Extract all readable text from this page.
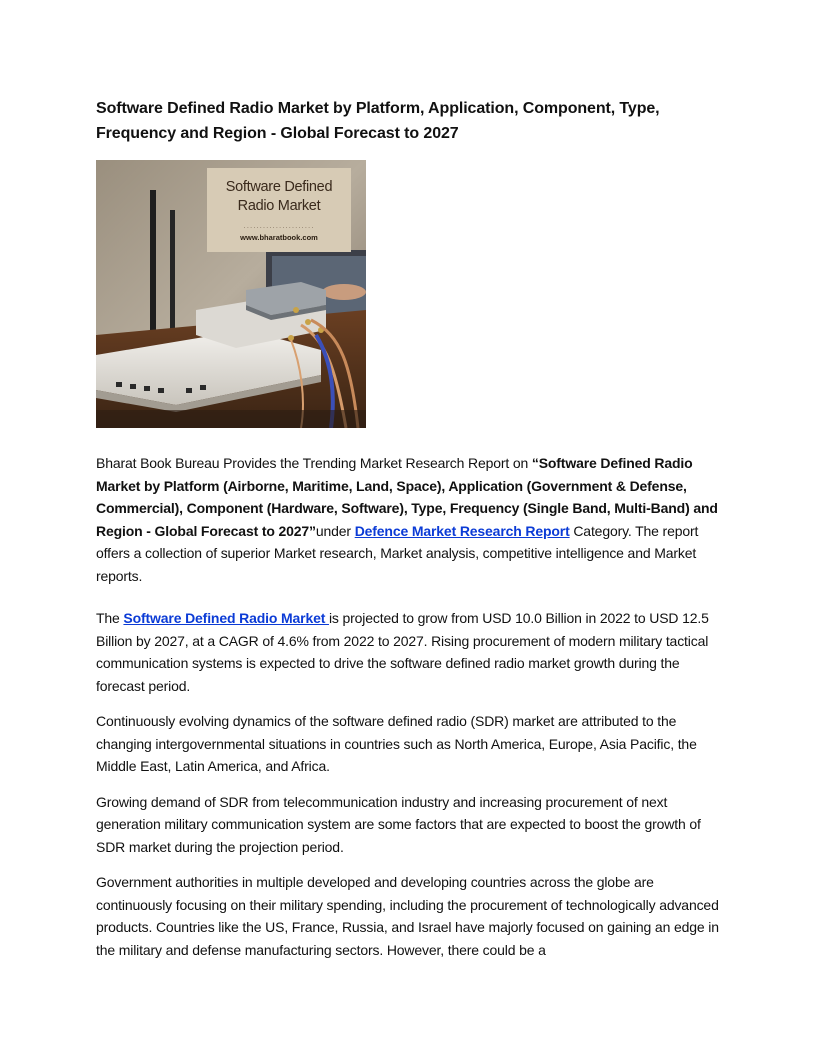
Software Defined Radio Market by Platform, Application, Component, Type, Frequency and Region - Global Forecast to 2027
Software Defined Radio Market
......................
www.bharatbook.com

Bharat Book Bureau Provides the Trending Market Research Report on “Software Defined Radio Market by Platform (Airborne, Maritime, Land, Space), Application (Government & Defense, Commercial), Component (Hardware, Software), Type, Frequency (Single Band, Multi-Band) and Region - Global Forecast to 2027”under Defence Market Research Report Category. The report offers a collection of superior Market research, Market analysis, competitive intelligence and Market reports.

The Software Defined Radio Market is projected to grow from USD 10.0 Billion in 2022 to USD 12.5 Billion by 2027, at a CAGR of 4.6% from 2022 to 2027. Rising procurement of modern military tactical communication systems is expected to drive the software defined radio market growth during the forecast period.

Continuously evolving dynamics of the software defined radio (SDR) market are attributed to the changing intergovernmental situations in countries such as North America, Europe, Asia Pacific, the Middle East, Latin America, and Africa.

Growing demand of SDR from telecommunication industry and increasing procurement of next generation military communication system are some factors that are expected to boost the growth of SDR market during the projection period.

Government authorities in multiple developed and developing countries across the globe are continuously focusing on their military spending, including the procurement of technologically advanced products. Countries like the US, France, Russia, and Israel have majorly focused on gaining an edge in the military and defense manufacturing sectors. However, there could be a
